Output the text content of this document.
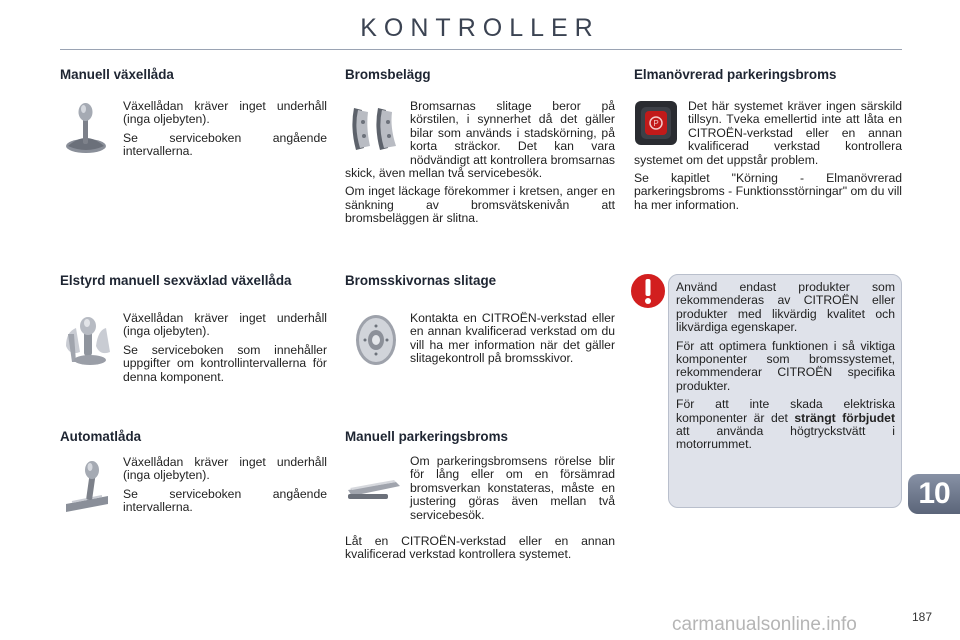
KONTROLLER
Manuell växellåda

Växellådan kräver inget underhåll (inga oljebyten).

Se serviceboken angående intervallerna.

Elstyrd manuell sexväxlad växellåda

Växellådan kräver inget underhåll (inga oljebyten).

Se serviceboken som innehåller uppgifter om kontrollintervallerna för denna komponent.

Automatlåda

Växellådan kräver inget underhåll (inga oljebyten).

Se serviceboken angående intervallerna.

Bromsbelägg

Bromsarnas slitage beror på körstilen, i synnerhet då det gäller bilar som används i stadskörning, på korta sträckor. Det kan vara nödvändigt att kontrollera bromsarnas skick, även mellan två servicebesök.

Om inget läckage förekommer i kretsen, anger en sänkning av bromsvätskenivån att bromsbeläggen är slitna.

Bromsskivornas slitage

Kontakta en CITROËN-verkstad eller en annan kvalificerad verkstad om du vill ha mer information när det gäller slitagekontroll på bromsskivor.

Manuell parkeringsbroms

Om parkeringsbromsens rörelse blir för lång eller om en försämrad bromsverkan konstateras, måste en justering göras även mellan två servicebesök.

Låt en CITROËN-verkstad eller en annan kvalificerad verkstad kontrollera systemet.

Elmanövrerad parkeringsbroms
P

Det här systemet kräver ingen särskild tillsyn. Tveka emellertid inte att låta en CITROËN-verkstad eller en annan kvalificerad verkstad kontrollera systemet om det uppstår problem.

Se kapitlet "Körning - Elmanövrerad parkeringsbroms - Funktionsstörningar" om du vill ha mer information.

Använd endast produkter som rekommenderas av CITROËN eller produkter med likvärdig kvalitet och likvärdiga egenskaper.

För att optimera funktionen i så viktiga komponenter som bromssystemet, rekommenderar CITROËN specifika produkter.

För att inte skada elektriska komponenter är det strängt förbjudet att använda högtryckstvätt i motorrummet.

10
carmanualsonline.info	187
